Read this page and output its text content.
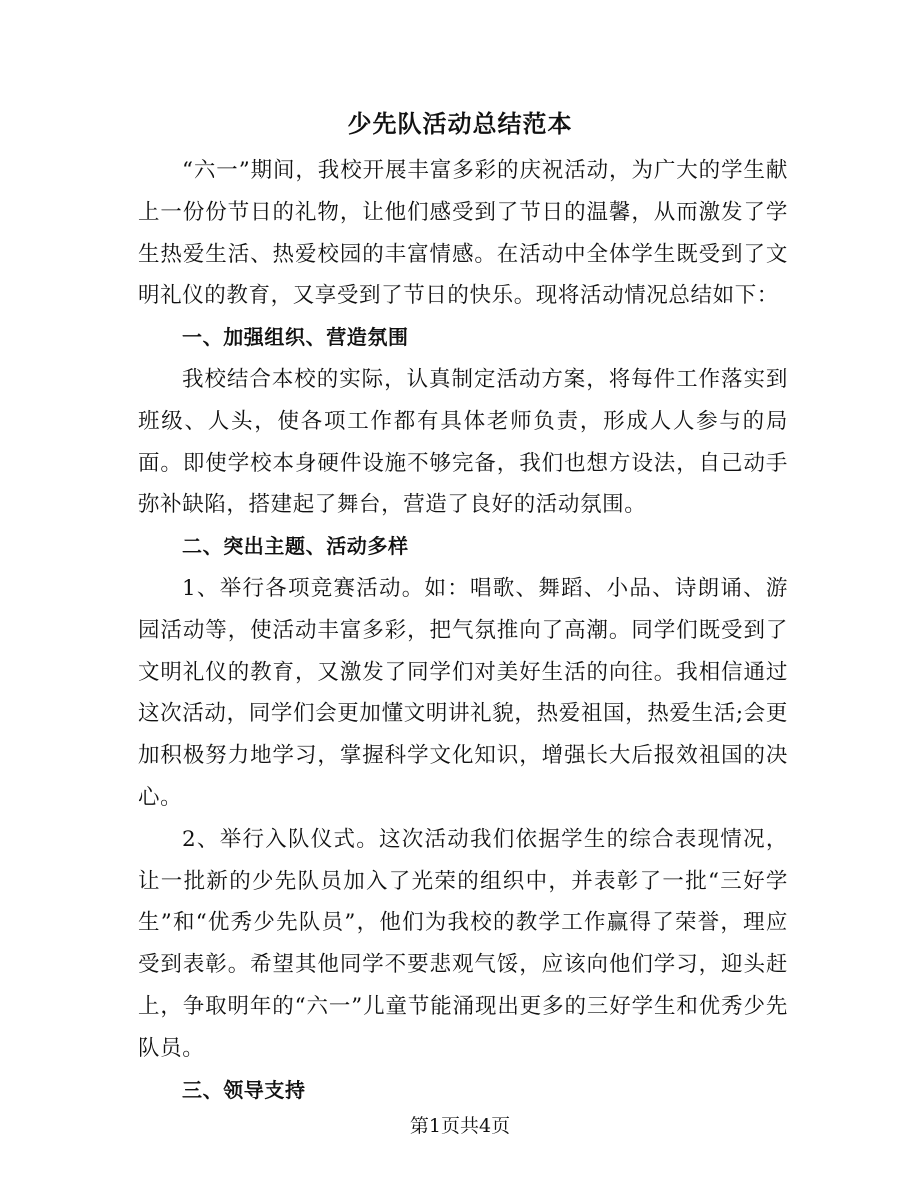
少先队活动总结范本

“六一”期间，我校开展丰富多彩的庆祝活动，为广大的学生献上一份份节日的礼物，让他们感受到了节日的温馨，从而激发了学生热爱生活、热爱校园的丰富情感。在活动中全体学生既受到了文明礼仪的教育，又享受到了节日的快乐。现将活动情况总结如下：

一、加强组织、营造氛围

我校结合本校的实际，认真制定活动方案，将每件工作落实到班级、人头，使各项工作都有具体老师负责，形成人人参与的局面。即使学校本身硬件设施不够完备，我们也想方设法，自己动手弥补缺陷，搭建起了舞台，营造了良好的活动氛围。

二、突出主题、活动多样

1、举行各项竞赛活动。如：唱歌、舞蹈、小品、诗朗诵、游园活动等，使活动丰富多彩，把气氛推向了高潮。同学们既受到了文明礼仪的教育，又激发了同学们对美好生活的向往。我相信通过这次活动，同学们会更加懂文明讲礼貌，热爱祖国，热爱生活;会更加积极努力地学习，掌握科学文化知识，增强长大后报效祖国的决心。

2、举行入队仪式。这次活动我们依据学生的综合表现情况，让一批新的少先队员加入了光荣的组织中，并表彰了一批“三好学生”和“优秀少先队员”，他们为我校的教学工作赢得了荣誉，理应受到表彰。希望其他同学不要悲观气馁，应该向他们学习，迎头赶上，争取明年的“六一”儿童节能涌现出更多的三好学生和优秀少先队员。

三、领导支持

第1页共4页
